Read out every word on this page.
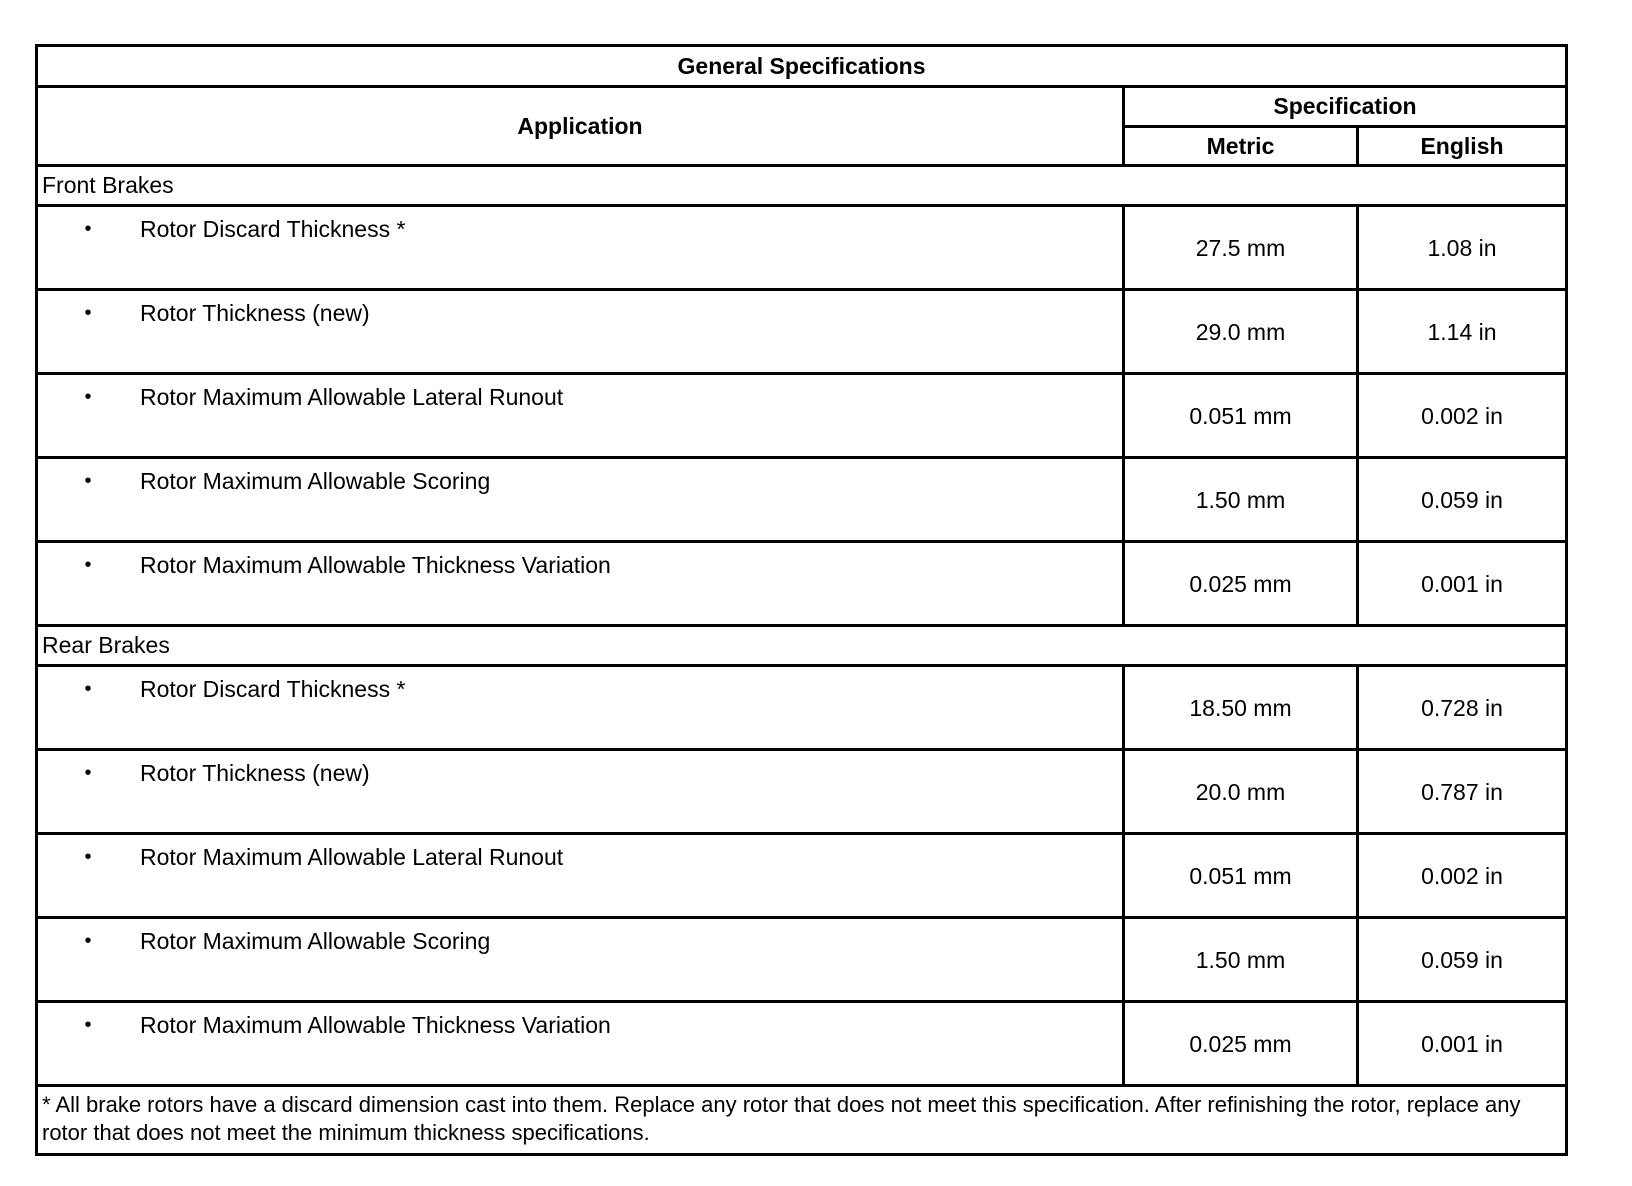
General Specifications		
Application	Specification	
	Metric	English
Front Brakes		

• Rotor Discard Thickness *	27.5 mm	1.08 in

• Rotor Thickness (new)	29.0 mm	1.14 in

• Rotor Maximum Allowable Lateral Runout	0.051 mm	0.002 in

• Rotor Maximum Allowable Scoring	1.50 mm	0.059 in

• Rotor Maximum Allowable Thickness Variation	0.025 mm	0.001 in
Rear Brakes		

• Rotor Discard Thickness *	18.50 mm	0.728 in

• Rotor Thickness (new)	20.0 mm	0.787 in

• Rotor Maximum Allowable Lateral Runout	0.051 mm	0.002 in

• Rotor Maximum Allowable Scoring	1.50 mm	0.059 in

• Rotor Maximum Allowable Thickness Variation	0.025 mm	0.001 in
* All brake rotors have a discard dimension cast into them. Replace any rotor that does not meet this specification. After refinishing the rotor, replace any rotor that does not meet the minimum thickness specifications.		
